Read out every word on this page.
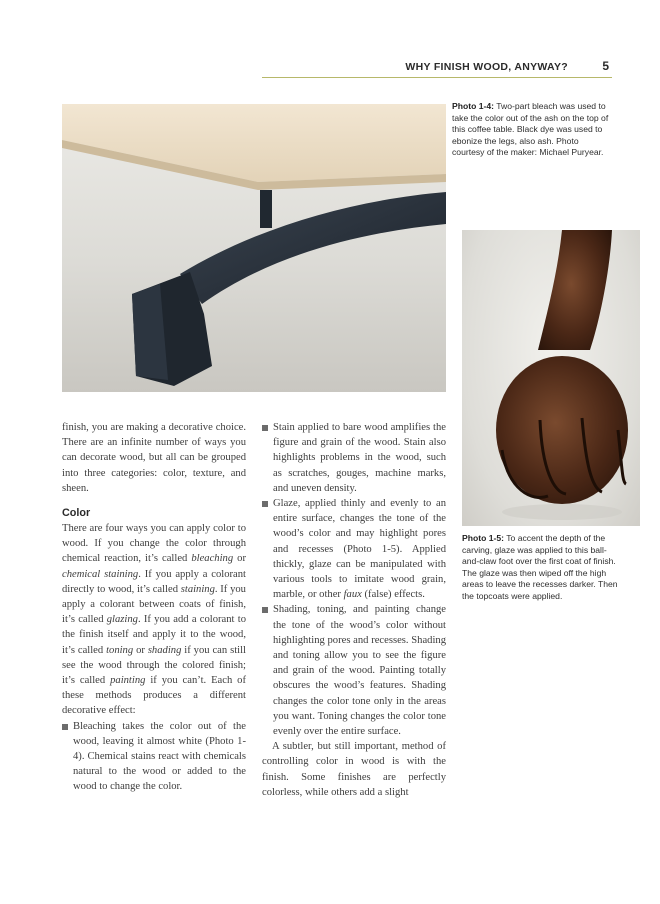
WHY FINISH WOOD, ANYWAY?	5
Photo 1-4: Two-part bleach was used to take the color out of the ash on the top of this coffee table. Black dye was used to ebonize the legs, also ash. Photo courtesy of the maker: Michael Puryear.
Photo 1-5: To accent the depth of the carving, glaze was applied to this ball-and-claw foot over the first coat of finish. The glaze was then wiped off the high areas to leave the recesses darker. Then the topcoats were applied.

finish, you are making a decorative choice. There are an infinite number of ways you can decorate wood, but all can be grouped into three categories: color, texture, and sheen.

Color

There are four ways you can apply color to wood. If you change the color through chemical reaction, it’s called bleaching or chemical staining. If you apply a colorant directly to wood, it’s called staining. If you apply a colorant between coats of finish, it’s called glazing. If you add a colorant to the finish itself and apply it to the wood, it’s called toning or shading if you can still see the wood through the colored finish; it’s called painting if you can’t. Each of these methods produces a different decorative effect:

Bleaching takes the color out of the wood, leaving it almost white (Photo 1-4). Chemical stains react with chemicals natural to the wood or added to the wood to change the color.

Stain applied to bare wood amplifies the figure and grain of the wood. Stain also highlights problems in the wood, such as scratches, gouges, machine marks, and uneven density.

Glaze, applied thinly and evenly to an entire surface, changes the tone of the wood’s color and may highlight pores and recesses (Photo 1-5). Applied thickly, glaze can be manipulated with various tools to imitate wood grain, marble, or other faux (false) effects.

Shading, toning, and painting change the tone of the wood’s color without highlighting pores and recesses. Shading and toning allow you to see the figure and grain of the wood. Painting totally obscures the wood’s features. Shading changes the color tone only in the areas you want. Toning changes the color tone evenly over the entire surface.

A subtler, but still important, method of controlling color in wood is with the finish. Some finishes are perfectly colorless, while others add a slight
